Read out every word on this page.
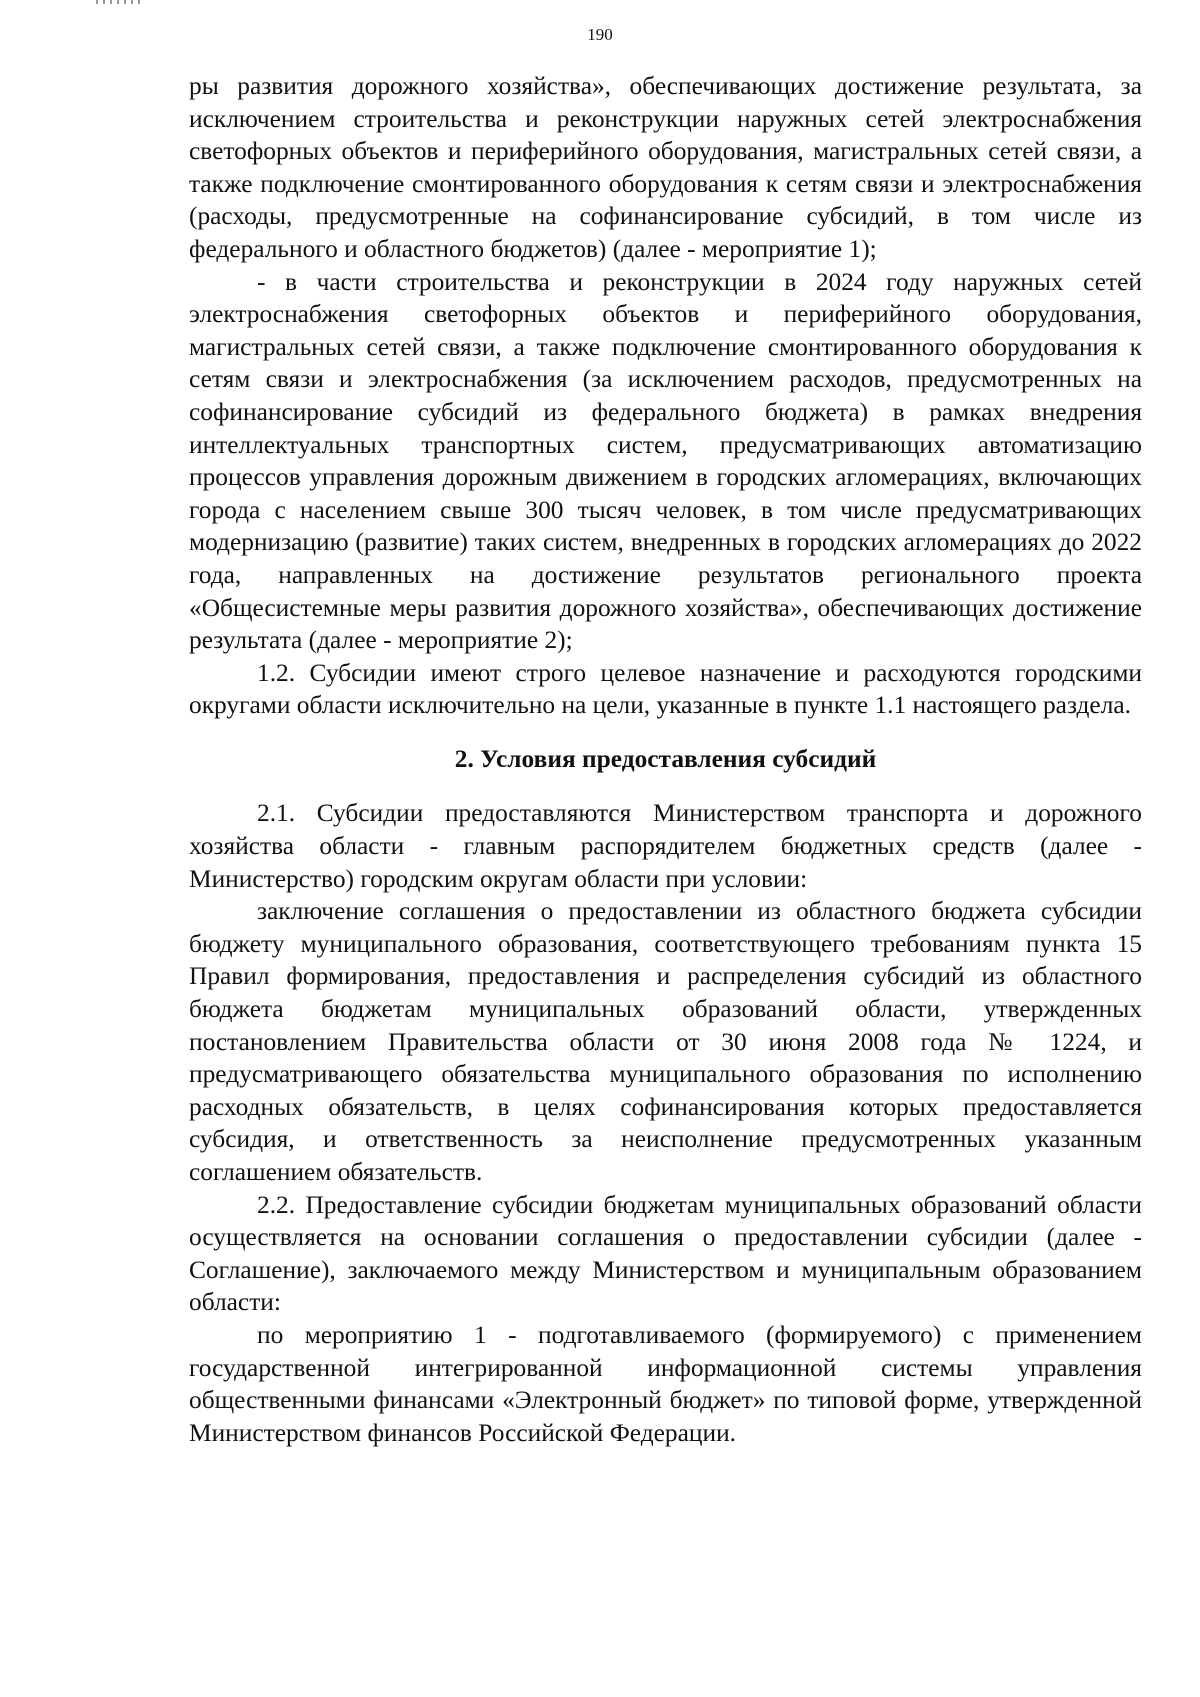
190

ры развития дорожного хозяйства», обеспечивающих достижение результата, за исключением строительства и реконструкции наружных сетей электроснабжения светофорных объектов и периферийного оборудования, магистральных сетей связи, а также подключение смонтированного оборудования к сетям связи и электроснабжения (расходы, предусмотренные на софинансирование субсидий, в том числе из федерального и областного бюджетов) (далее - мероприятие 1);

- в части строительства и реконструкции в 2024 году наружных сетей электроснабжения светофорных объектов и периферийного оборудования, магистральных сетей связи, а также подключение смонтированного оборудования к сетям связи и электроснабжения (за исключением расходов, предусмотренных на софинансирование субсидий из федерального бюджета) в рамках внедрения интеллектуальных транспортных систем, предусматривающих автоматизацию процессов управления дорожным движением в городских агломерациях, включающих города с населением свыше 300 тысяч человек, в том числе предусматривающих модернизацию (развитие) таких систем, внедренных в городских агломерациях до 2022 года, направленных на достижение результатов регионального проекта «Общесистемные меры развития дорожного хозяйства», обеспечивающих достижение результата (далее - мероприятие 2);

1.2. Субсидии имеют строго целевое назначение и расходуются городскими округами области исключительно на цели, указанные в пункте 1.1 настоящего раздела.

2. Условия предоставления субсидий

2.1. Субсидии предоставляются Министерством транспорта и дорожного хозяйства области - главным распорядителем бюджетных средств (далее - Министерство) городским округам области при условии:

заключение соглашения о предоставлении из областного бюджета субсидии бюджету муниципального образования, соответствующего требованиям пункта 15 Правил формирования, предоставления и распределения субсидий из областного бюджета бюджетам муниципальных образований области, утвержденных постановлением Правительства области от 30 июня 2008 года № 1224, и предусматривающего обязательства муниципального образования по исполнению расходных обязательств, в целях софинансирования которых предоставляется субсидия, и ответственность за неисполнение предусмотренных указанным соглашением обязательств.

2.2. Предоставление субсидии бюджетам муниципальных образований области осуществляется на основании соглашения о предоставлении субсидии (далее - Соглашение), заключаемого между Министерством и муниципальным образованием области:

по мероприятию 1 - подготавливаемого (формируемого) с применением государственной интегрированной информационной системы управления общественными финансами «Электронный бюджет» по типовой форме, утвержденной Министерством финансов Российской Федерации.
